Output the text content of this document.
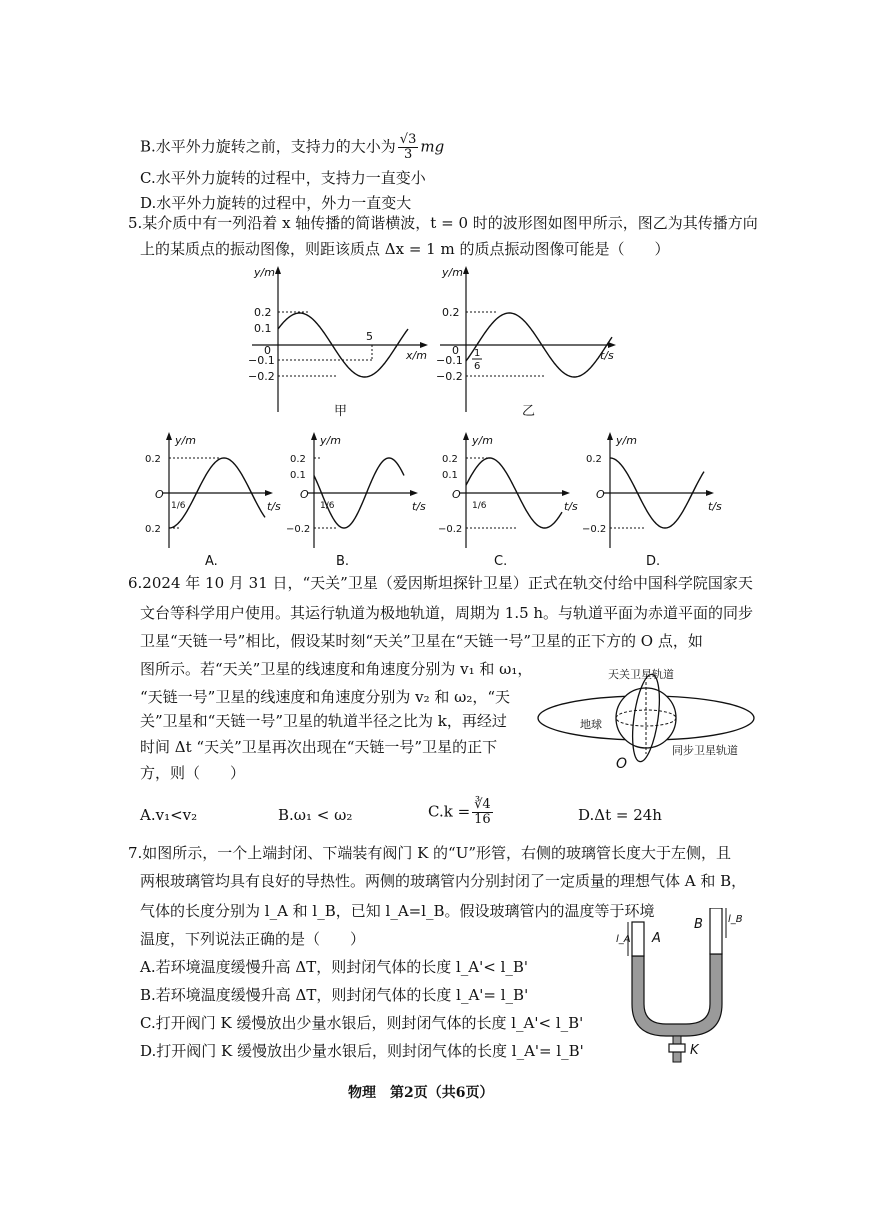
B.水平外力旋转之前，支持力的大小为 $\frac{√3}{3}$ mg
C.水平外力旋转的过程中，支持力一直变小
D.水平外力旋转的过程中，外力一直变大
5.某介质中有一列沿着 x 轴传播的简谐横波，t = 0 时的波形图如图甲所示，图乙为其传播方向
上的某质点的振动图像，则距该质点 Δx = 1 m 的质点振动图像可能是（　　）
y/m
x/m
0.2
0.1
0
−0.1
−0.2
5
甲
y/m
t/s
0.2
0
−0.1
−0.2
1
6
乙
y/m
t/s
O
0.2
0.2
1/6
A.
y/m
t/s
O
0.2
0.1
−0.2
1/6
B.
y/m
t/s
O
0.2
0.1
−0.2
1/6
C.
y/m
t/s
O
0.2
−0.2
D.
6.2024 年 10 月 31 日，“天关”卫星（爱因斯坦探针卫星）正式在轨交付给中国科学院国家天
文台等科学用户使用。其运行轨道为极地轨道，周期为 1.5 h。与轨道平面为赤道平面的同步
卫星“天链一号”相比，假设某时刻“天关”卫星在“天链一号”卫星的正下方的 O 点，如
图所示。若“天关”卫星的线速度和角速度分别为 v₁ 和 ω₁，
“天链一号”卫星的线速度和角速度分别为 v₂ 和 ω₂，“天
关”卫星和“天链一号”卫星的轨道半径之比为 k，再经过
时间 Δt “天关”卫星再次出现在“天链一号”卫星的正下
方，则（　　）
天关卫星轨道
地球
同步卫星轨道
O
A.v₁<v₂	B.ω₁ < ω₂	$C.k = \frac{∛4}{16}$	D.Δt = 24h
7.如图所示，一个上端封闭、下端装有阀门 K 的“U”形管，右侧的玻璃管长度大于左侧，且
两根玻璃管均具有良好的导热性。两侧的玻璃管内分别封闭了一定质量的理想气体 A 和 B，
气体的长度分别为 l_A 和 l_B，已知 l_A=l_B。假设玻璃管内的温度等于环境
温度，下列说法正确的是（　　）
A.若环境温度缓慢升高 ΔT，则封闭气体的长度 l_A'< l_B'
B.若环境温度缓慢升高 ΔT，则封闭气体的长度 l_A'= l_B'
C.打开阀门 K 缓慢放出少量水银后，则封闭气体的长度 l_A'< l_B'
D.打开阀门 K 缓慢放出少量水银后，则封闭气体的长度 l_A'= l_B'	K
A
B
l_A
l_B
物理　第2页（共6页）
